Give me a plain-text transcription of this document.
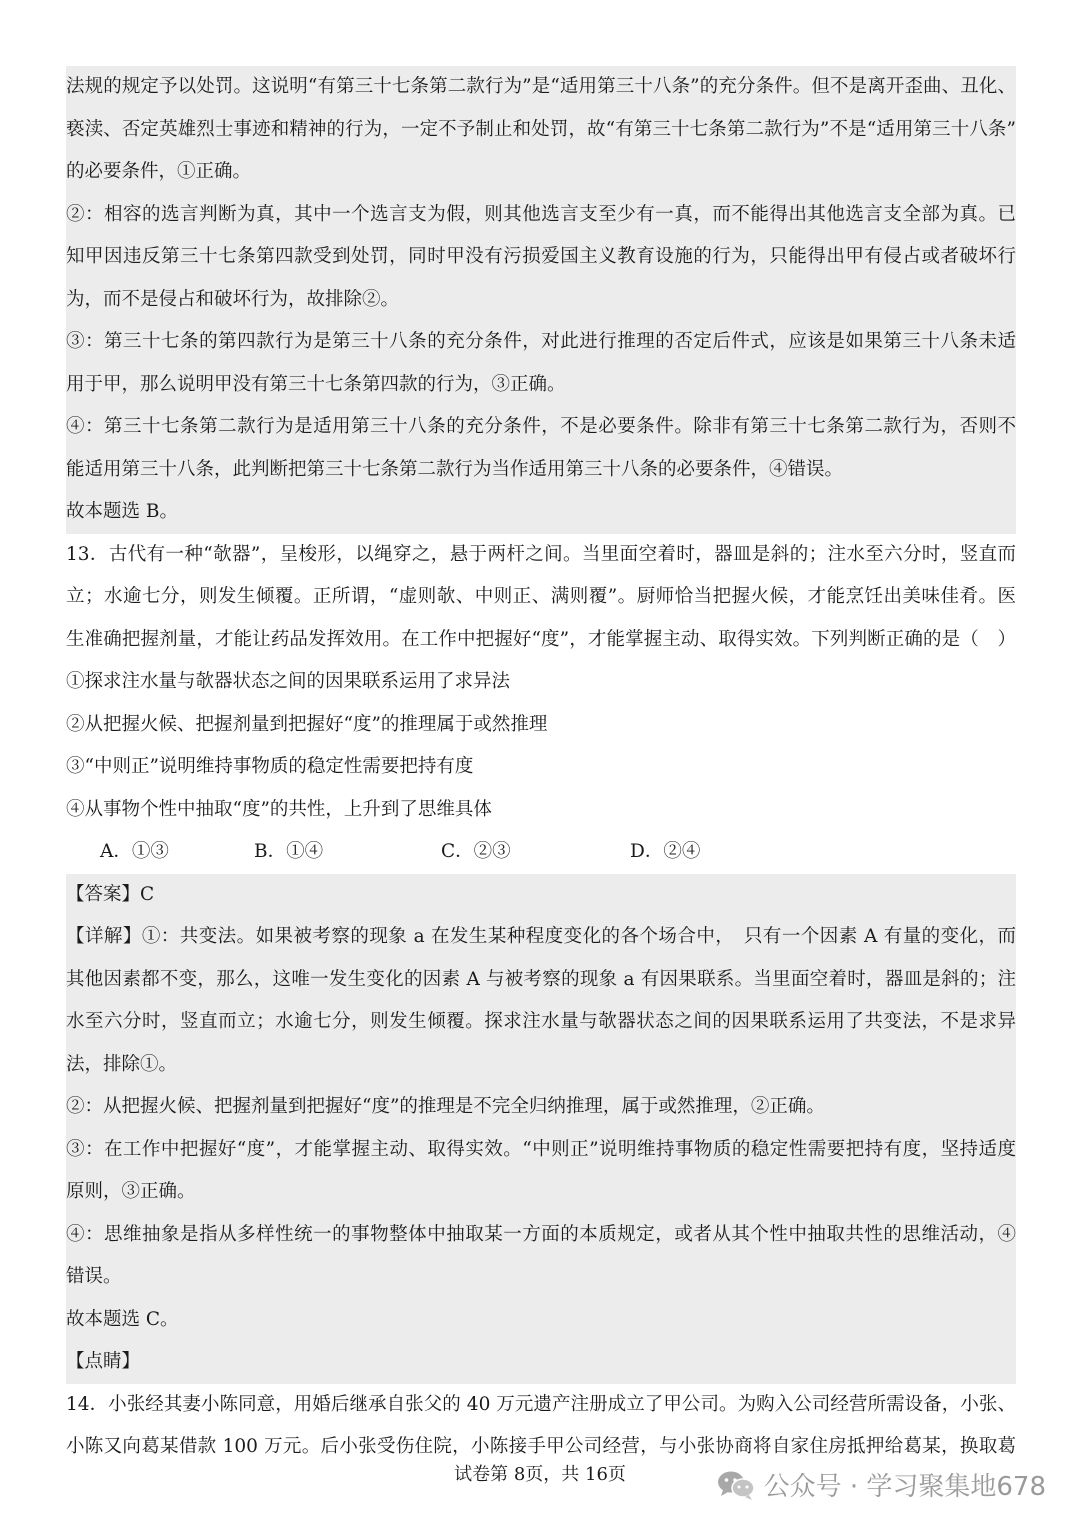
法规的规定予以处罚。这说明“有第三十七条第二款行为”是“适用第三十八条”的充分条件。但不是离开歪曲、丑化、
亵渎、否定英雄烈士事迹和精神的行为，一定不予制止和处罚，故“有第三十七条第二款行为”不是“适用第三十八条”
的必要条件，①正确。
②：相容的选言判断为真，其中一个选言支为假，则其他选言支至少有一真，而不能得出其他选言支全部为真。已
知甲因违反第三十七条第四款受到处罚，同时甲没有污损爱国主义教育设施的行为，只能得出甲有侵占或者破坏行
为，而不是侵占和破坏行为，故排除②。
③：第三十七条的第四款行为是第三十八条的充分条件，对此进行推理的否定后件式，应该是如果第三十八条未适
用于甲，那么说明甲没有第三十七条第四款的行为，③正确。
④：第三十七条第二款行为是适用第三十八条的充分条件，不是必要条件。除非有第三十七条第二款行为，否则不
能适用第三十八条，此判断把第三十七条第二款行为当作适用第三十八条的必要条件，④错误。
故本题选 B。
13．古代有一种“欹器”，呈梭形，以绳穿之，悬于两杆之间。当里面空着时，器皿是斜的；注水至六分时，竖直而
立；水逾七分，则发生倾覆。正所谓，“虚则欹、中则正、满则覆”。厨师恰当把握火候，才能烹饪出美味佳肴。医
生准确把握剂量，才能让药品发挥效用。在工作中把握好“度”，才能掌握主动、取得实效。下列判断正确的是（　）
①探求注水量与欹器状态之间的因果联系运用了求异法
②从把握火候、把握剂量到把握好“度”的推理属于或然推理
③“中则正”说明维持事物质的稳定性需要把持有度
④从事物个性中抽取“度”的共性，上升到了思维具体
A．①③	B．①④	C．②③	D．②④
【答案】C
【详解】①：共变法。如果被考察的现象 a 在发生某种程度变化的各个场合中，　只有一个因素 A 有量的变化，而
其他因素都不变，那么，这唯一发生变化的因素 A 与被考察的现象 a 有因果联系。当里面空着时，器皿是斜的；注
水至六分时，竖直而立；水逾七分，则发生倾覆。探求注水量与欹器状态之间的因果联系运用了共变法，不是求异
法，排除①。
②：从把握火候、把握剂量到把握好“度”的推理是不完全归纳推理，属于或然推理，②正确。
③：在工作中把握好“度”，才能掌握主动、取得实效。“中则正”说明维持事物质的稳定性需要把持有度，坚持适度
原则，③正确。
④：思维抽象是指从多样性统一的事物整体中抽取某一方面的本质规定，或者从其个性中抽取共性的思维活动，④
错误。
故本题选 C。
【点睛】
14．小张经其妻小陈同意，用婚后继承自张父的 40 万元遗产注册成立了甲公司。为购入公司经营所需设备，小张、
小陈又向葛某借款 100 万元。后小张受伤住院，小陈接手甲公司经营，与小张协商将自家住房抵押给葛某，换取葛
试卷第 8页，共 16页	公众号 · 学习聚集地678
